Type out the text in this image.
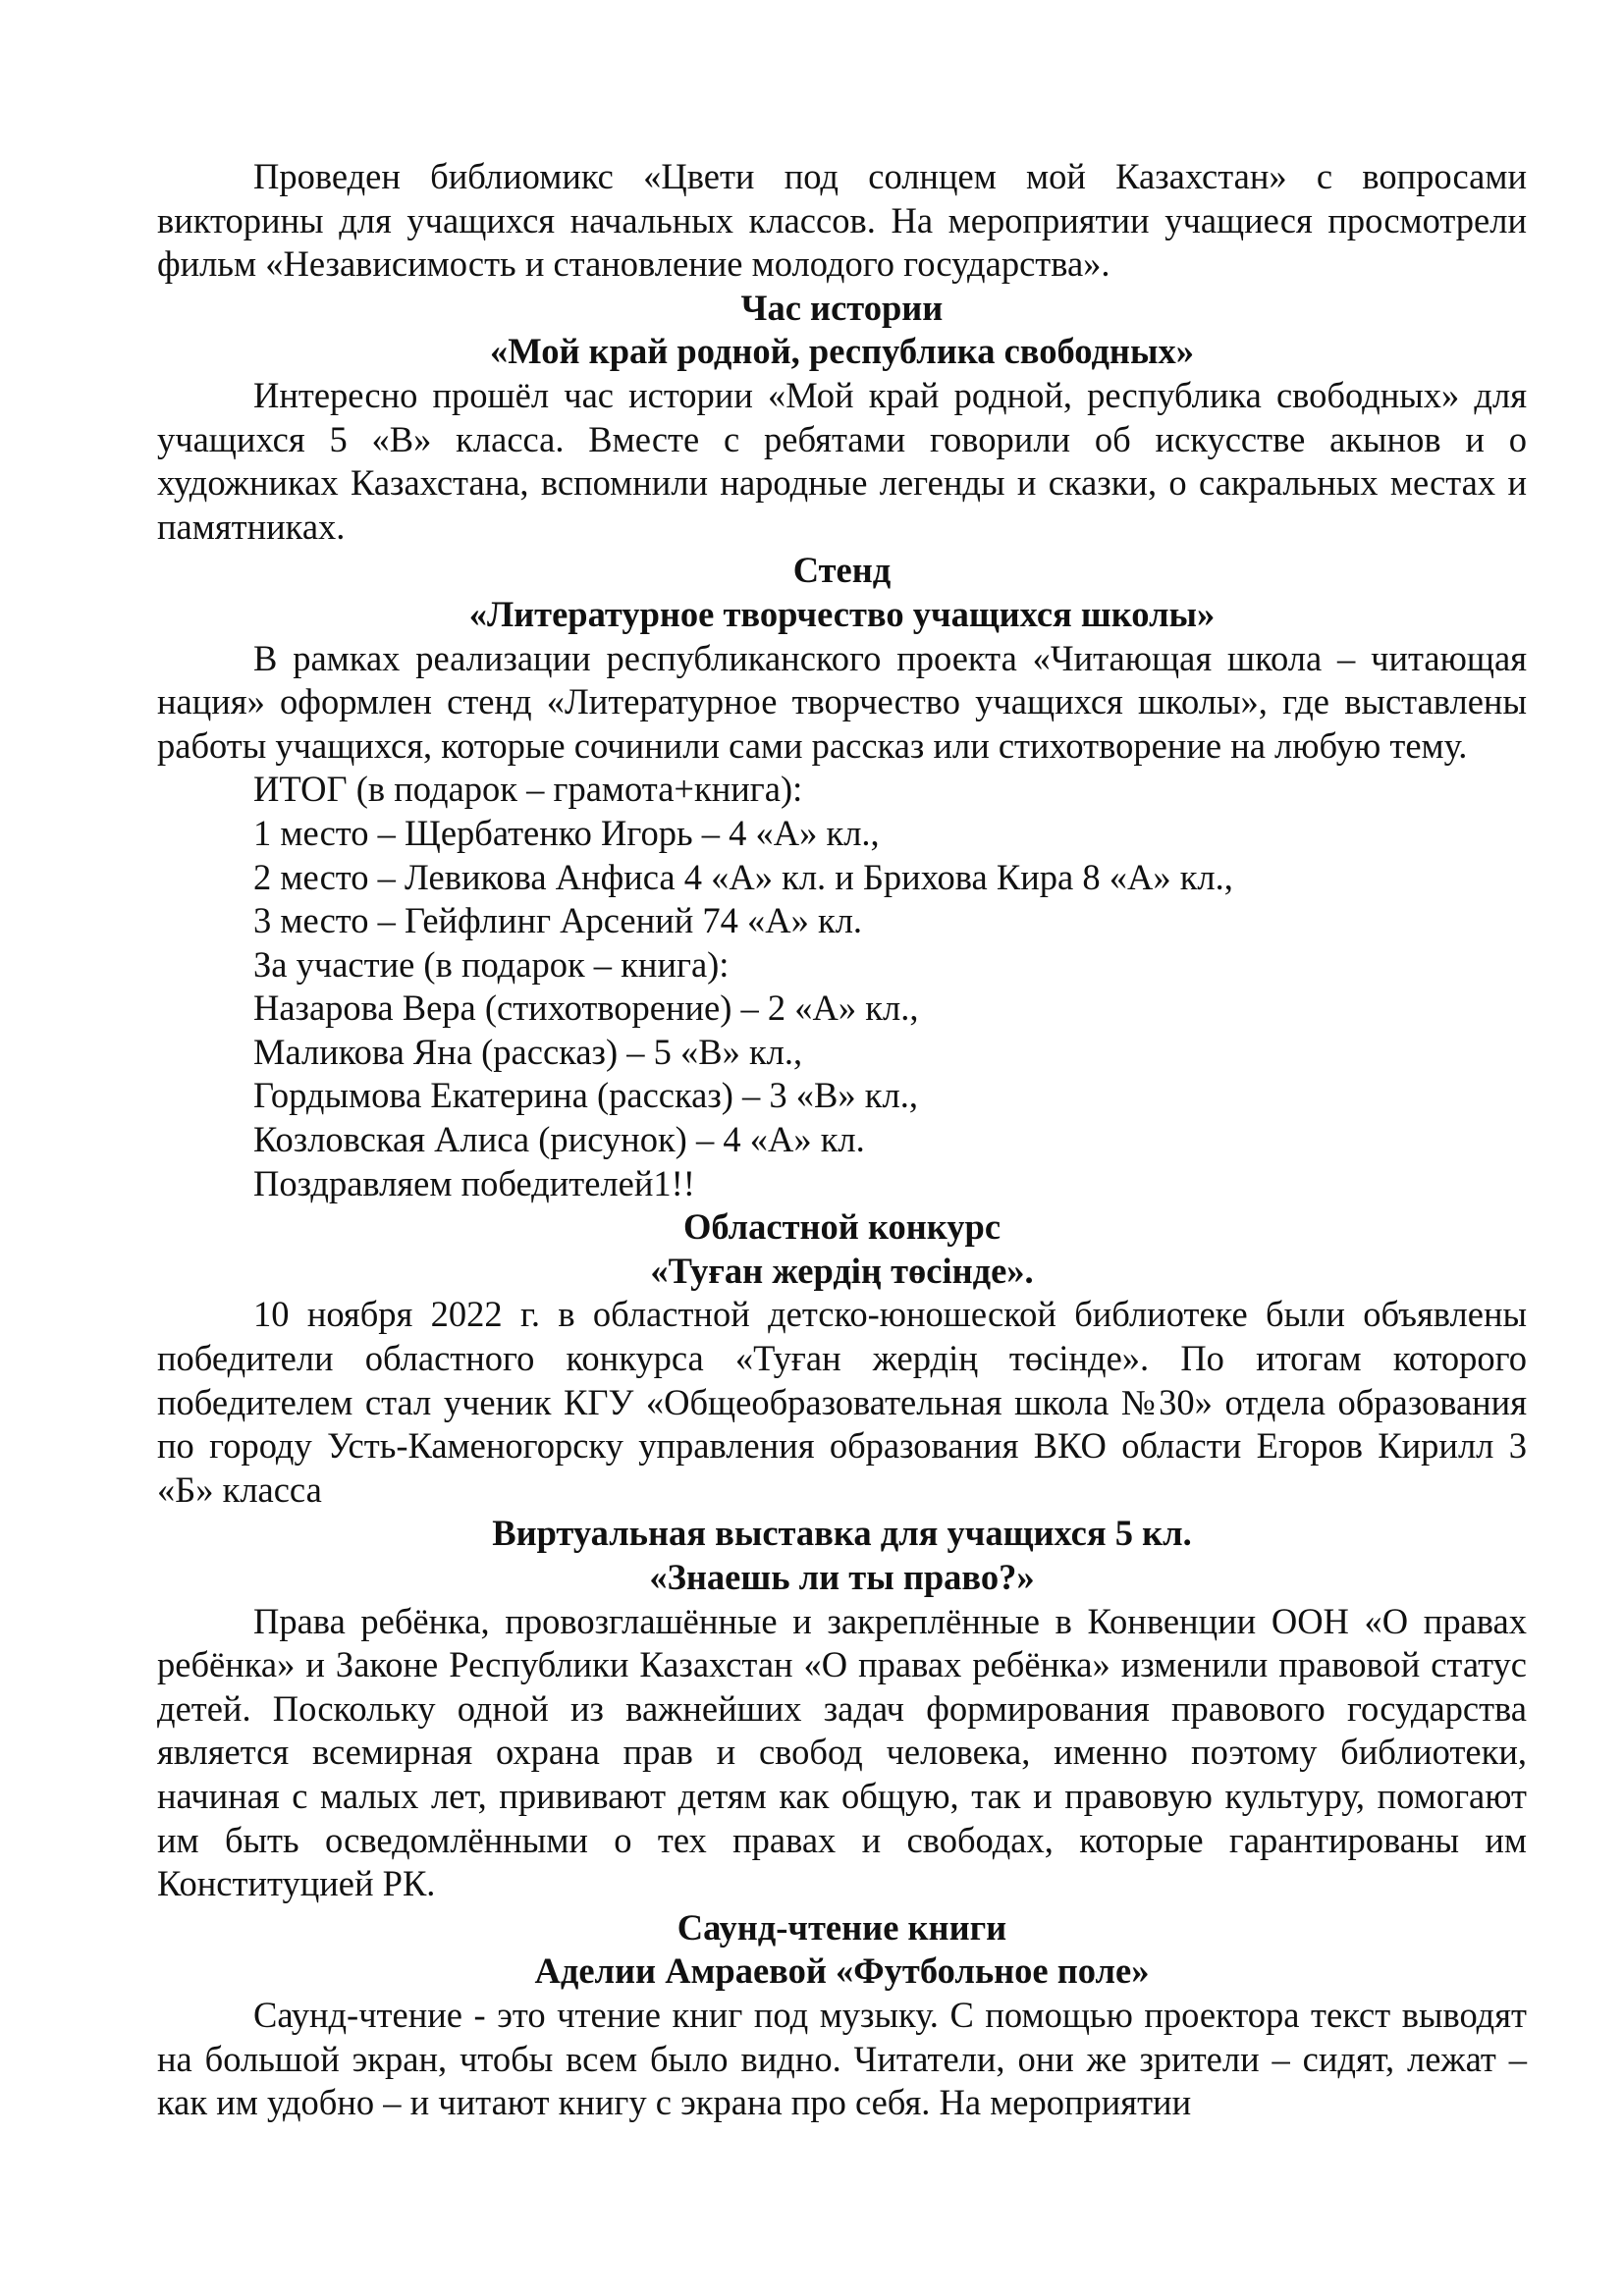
Проведен библиомикс «Цвети под солнцем мой Казахстан» с вопросами викторины для учащихся начальных классов. На мероприятии учащиеся просмотрели фильм «Независимость и становление молодого государства».

Час истории

«Мой край родной, республика свободных»

Интересно прошёл час истории «Мой край родной, республика свободных» для учащихся 5 «В» класса. Вместе с ребятами говорили об искусстве акынов и о художниках Казахстана, вспомнили народные легенды и сказки, о сакральных местах и памятниках.

Стенд

«Литературное творчество учащихся школы»

В рамках реализации республиканского проекта «Читающая школа – читающая нация» оформлен стенд «Литературное творчество учащихся школы», где выставлены работы учащихся, которые сочинили сами рассказ или стихотворение на любую тему.

ИТОГ (в подарок – грамота+книга):

1 место – Щербатенко Игорь – 4 «А» кл.,

2 место – Левикова Анфиса 4 «А» кл. и Брихова Кира 8 «А» кл.,

3 место – Гейфлинг Арсений 74 «А» кл.

За участие (в подарок – книга):

Назарова Вера (стихотворение) – 2 «А» кл.,

Маликова Яна (рассказ) – 5 «В» кл.,

Гордымова Екатерина (рассказ) – 3 «В» кл.,

Козловская Алиса (рисунок) – 4 «А» кл.

Поздравляем победителей1!!

Областной конкурс

«Туған жердің төсінде».

10 ноября 2022 г. в областной детско-юношеской библиотеке были объявлены победители областного конкурса «Туған жердің төсінде». По итогам которого победителем стал ученик КГУ «Общеобразовательная школа №30» отдела образования по городу Усть-Каменогорску управления образования ВКО области Егоров Кирилл 3 «Б» класса

Виртуальная выставка для учащихся 5 кл.

«Знаешь ли ты право?»

Права ребёнка, провозглашённые и закреплённые в Конвенции ООН «О правах ребёнка» и Законе Республики Казахстан «О правах ребёнка» изменили правовой статус детей. Поскольку одной из важнейших задач формирования правового государства является всемирная охрана прав и свобод человека, именно поэтому библиотеки, начиная с малых лет, прививают детям как общую, так и правовую культуру, помогают им быть осведомлёнными о тех правах и свободах, которые гарантированы им Конституцией РК.

Саунд-чтение книги

Аделии Амраевой «Футбольное поле»

Саунд-чтение - это чтение книг под музыку. С помощью проектора текст выводят на большой экран, чтобы всем было видно. Читатели, они же зрители – сидят, лежат – как им удобно – и читают книгу с экрана про себя. На мероприятии
